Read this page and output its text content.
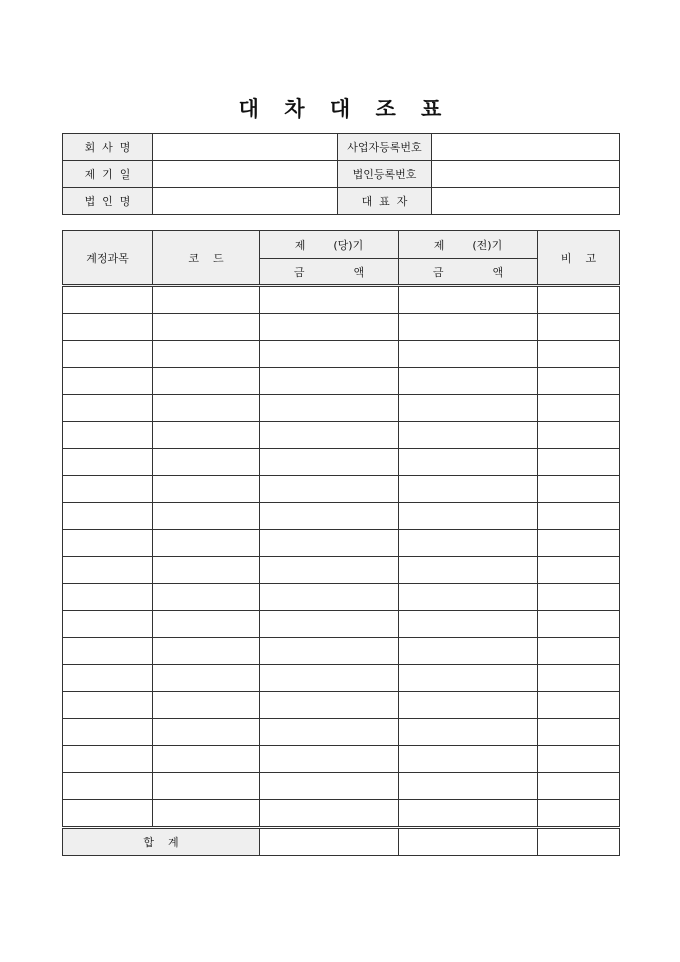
대 차 대 조 표
회  사  명		사업자등록번호	
제  기  일		법인등록번호	
법  인  명		대  표  자	
계정과목	코    드	제        (당)기	제        (전)기	비    고
		금              액	금              액	

합    계				
